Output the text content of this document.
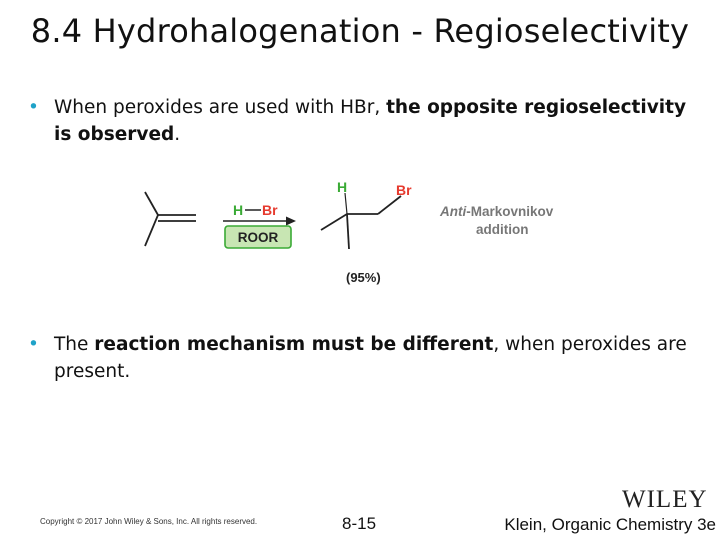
8.4 Hydrohalogenation - Regioselectivity
• When peroxides are used with HBr, the opposite regioselectivity is observed.
H Br
ROOR
H	Br
(95%)
Anti-Markovnikov
addition
• The reaction mechanism must be different, when peroxides are present.
WILEY
Copyright © 2017 John Wiley & Sons, Inc. All rights reserved.	8-15	Klein, Organic Chemistry 3e
